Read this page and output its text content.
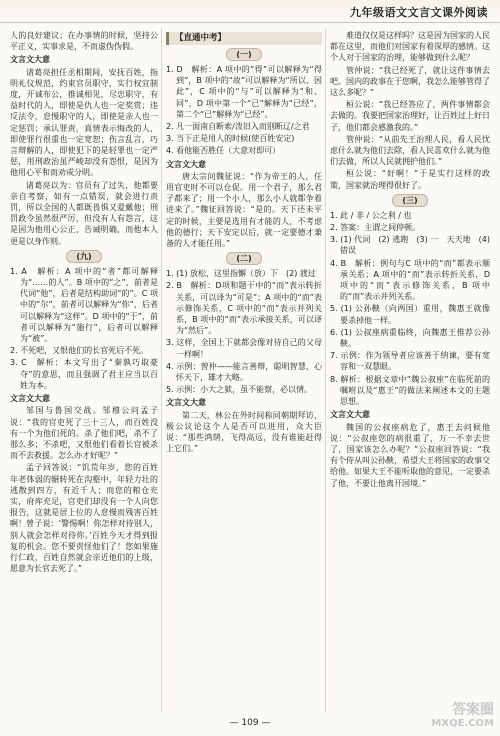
九年级语文文言文课外阅读

人的良好建议；在办事情的时候，坚持公平正义，实事求是，不而虚伪伪假。

文言文大意

诸葛亮担任丞相期间，安抚百姓，指明礼仪规范，约束官员职守，实行权宜制度，开诚布公，推诚相见，尽忠职守，有益时代的人，即使是仇人也一定奖赏；违反法令，怠慢职守的人，即使是亲人也一定惩罚；承认罪责，真情表示悔改的人，即使罪行很重也一定宽恕；伤言乱言，巧言辩解的人，即使犯下的是轻罪也一定严惩，用刑政治虽严峻却没有怨恨，是因为他用心平和而劝戒分明。

诸葛亮以为：官员有了过失，他都要亲自考察，如有一点错误，就会进行责罚，所以全国的人都既畏惧又爱戴他；刑罚政令虽然很严厉，但没有人有怨言，这是因为他用心公正，告诫明确，而他本人更是以身作则。

(九)
1. A　解析：A 项中的“者”都可解释为“……的人”。B 项中的“之”，前者是代词“他”，后者是结构助词“的”。C 项中的“尔”，前者可以解释为“你”，后者可以解释为“这样”。D 项中的“于”，前者可以解释为“施行”，后者可以解释为“被”。
2. 不死吧，又恨他们的长官死后不死。
3. C　解析：本文写出了“秦孰巧取豪夺”的意思，而且强调了君主应当以百姓为本。
文言文大意

邹国与鲁国交战。邹穆公问孟子说：“我的官吏死了三十三人，而百姓没有一个为他们死的。杀了他们吧，杀不了那么多；不杀吧，又恨他们看着长官被杀而不去救援。怎么办才好呢？”

孟子回答说：“饥荒年岁，您的百姓年老体弱的辗转死在沟壑中，年轻力壮的逃散到四方，有近千人；而您的粮仓充实，府库充足，官吏们却没有一个人向您报告，这就是居上位的人怠慢而残害百姓啊！曾子说：‘警惕啊！你怎样对待别人，别人就会怎样对待你。’百姓今天才得到报复的机会。您不要责怪他们了！您如果施行仁政，百姓自然就会亲近他们的上级，愿意为长官去死了。”

【直通中考】
(一)
1. D　解析：A 项中的“得”可以解释为“得到”，B 项中的“故”可以解释为“所以、因此”，C 项中的“与”可以解释为“和、同”，D 项中第一个“已”解释为“已经”，第二个“已”解释为“已经”。
2. 凡一面南自断索/泼旧入而别断辽/之君
3. 当下正是用人的时候(使百姓安定)
4. 看他能否胜任（大意对即可）
文言文大意

唐太宗问魏征说：“作为帝王的人，任用官吏时不可以仓促。用一个君子，那么君子都来了；用一个小人，那么小人就都争着进来了。”魏征回答说：“是的。天下还未平定的时候，主要是选用有才能的人，不考虑他的德行；天下安定以后，就一定要德才兼备的人才能任用。”

(二)
1. (1) 放松，这里指懈（放）下　(2) 渡过
2. B　解析：D项和题干中的“而”表示转折关系，可以译为“可是”；A 项中的“而”表示修饰关系，C 项中的“而”表示并列关系，B 项中的“而”表示承接关系，可以译为“然后”。
3. 这样，全国上下就都会像对待自己的父母一样啊！
4. 示例：曾仲——能言善辩，聪明智慧，心怀天下，雄才大略。
5. 示例：小大之狱，虽不能察，必以情。
文言文大意

第二天，林公在外时间称同朝期拜访，极公议论这个人是否可以进用，众大臣说：“那些鸿鹄，飞得高远，没有谁能赶得上它们。”

难道仅仅是这样吗？这是因为国家的人民都在这里，而他们对国家有着深厚的感情。这个人对于国家的治理，能够做到什么呢？

管仲说：“我已经死了，就让这件事情去吧。国内的政事在于您啊，我怎么能够管得了这么多呢？”

桓公说：“我已经答应了，两件事情都会去做的。我要把国家治理好，让百姓过上好日子，他们都会感激我的。”

管仲说：“从前先王治理人民，看人民忧虑什么就为他们去除，看人民喜欢什么就为他们去做，所以人民就拥护他们。”

桓公说：“好啊！”于是实行这样的政策，国家就治理得很好了。

(三)
1. 此 / 非 / 公之利 / 也
2. 答案：主谓之间停顿。
3. (1) 代词　(2) 逃跑　(3) 一　天天地　(4) 错误
4. B　解析：例句与C 项中的“而”都表示顺承关系；A 项中的“而”表示转折关系，D 项中的“而”表示修饰关系，B 项中的“而”表示并列关系。
5. (1) 公孙鞅（向两国）重用，魏惠王就像要杀掉他一样。
6. (1) 公叔座病重临终，向魏惠王推荐公孙鞅。
7. 示例：作为领导者应该善于纳谏，要有宽容和一双慧眼。
8. 解析：根据文章中“魏公叔座”在临死前的嘱咐以及“惠王”的做法来阐述本文的主题思想。
文言文大意

魏国的公叔座病危了，惠王去问候他说：“公叔座您的病很重了，万一不幸去世了，国家该怎么办呢？”公叔座回答说：“我有个侍从叫公孙鞅，希望大王将国家的政事交给他。如果大王不能听取他的意见，一定要杀了他，不要让他离开国境。”

— 109 —
答案圈
MXQE.COM
